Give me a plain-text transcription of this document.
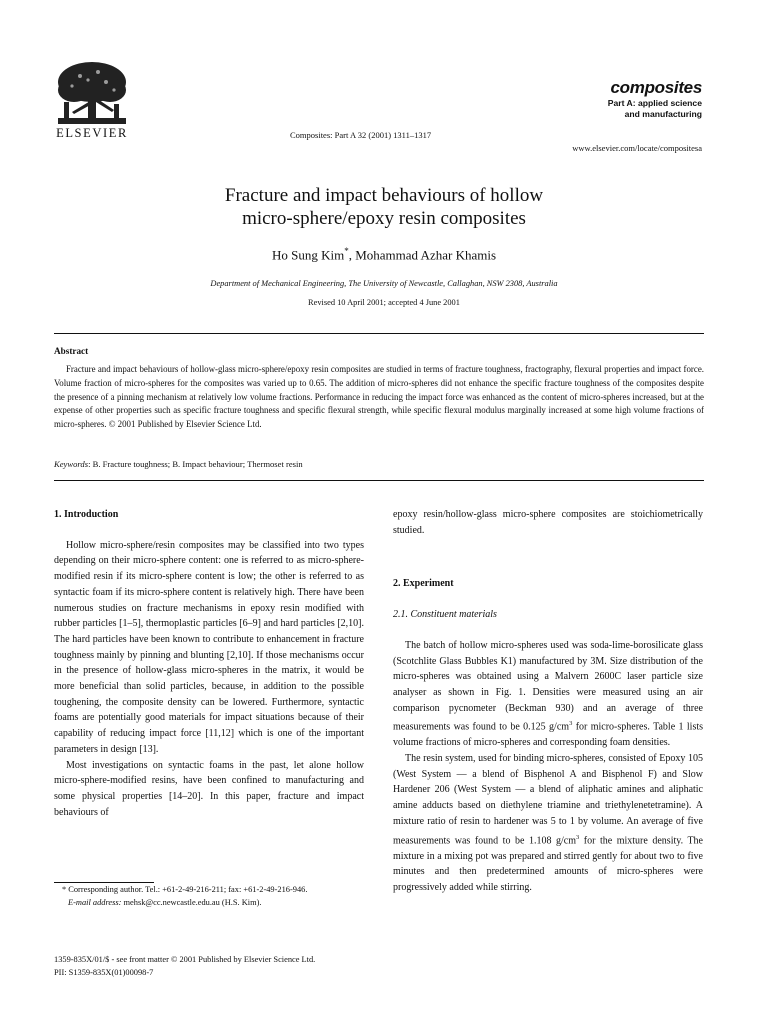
ELSEVIER	Composites: Part A 32 (2001) 1311–1317
composites
Part A: applied science
and manufacturing
www.elsevier.com/locate/compositesa
Fracture and impact behaviours of hollow
micro-sphere/epoxy resin composites
Ho Sung Kim*, Mohammad Azhar Khamis
Department of Mechanical Engineering, The University of Newcastle, Callaghan, NSW 2308, Australia
Revised 10 April 2001; accepted 4 June 2001
Abstract
Fracture and impact behaviours of hollow-glass micro-sphere/epoxy resin composites are studied in terms of fracture toughness, fractography, flexural properties and impact force. Volume fraction of micro-spheres for the composites was varied up to 0.65. The addition of micro-spheres did not enhance the specific fracture toughness of the composites despite the presence of a pinning mechanism at relatively low volume fractions. Performance in reducing the impact force was enhanced as the content of micro-spheres increased, but at the expense of other properties such as specific fracture toughness and specific flexural strength, while specific flexural modulus marginally increased at some high volume fractions of micro-spheres. © 2001 Published by Elsevier Science Ltd.
Keywords: B. Fracture toughness; B. Impact behaviour; Thermoset resin
1. Introduction

Hollow micro-sphere/resin composites may be classified into two types depending on their micro-sphere content: one is referred to as micro-sphere-modified resin if its micro-sphere content is low; the other is referred to as syntactic foam if its micro-sphere content is relatively high. There have been numerous studies on fracture mechanisms in epoxy resin modified with rubber particles [1–5], thermoplastic particles [6–9] and hard particles [2,10]. The hard particles have been known to contribute to enhancement in fracture toughness mainly by pinning and blunting [2,10]. If those mechanisms occur in the presence of hollow-glass micro-spheres in the matrix, it would be more beneficial than solid particles, because, in addition to the possible toughening, the composite density can be lowered. Furthermore, syntactic foams are potentially good materials for impact situations because of their capability of reducing impact force [11,12] which is one of the important parameters in design [13].

Most investigations on syntactic foams in the past, let alone hollow micro-sphere-modified resins, have been confined to manufacturing and some physical properties [14–20]. In this paper, fracture and impact behaviours of

epoxy resin/hollow-glass micro-sphere composites are stoichiometrically studied.

2. Experiment
2.1. Constituent materials

The batch of hollow micro-spheres used was soda-lime-borosilicate glass (Scotchlite Glass Bubbles K1) manufactured by 3M. Size distribution of the micro-spheres was obtained using a Malvern 2600C laser particle size analyser as shown in Fig. 1. Densities were measured using an air comparison pycnometer (Beckman 930) and an average of three measurements was found to be 0.125 $g/cm^3$ for micro-spheres. Table 1 lists volume fractions of micro-spheres and corresponding foam densities.

The resin system, used for binding micro-spheres, consisted of Epoxy 105 (West System — a blend of Bisphenol A and Bisphenol F) and Slow Hardener 206 (West System — a blend of aliphatic amines and aliphatic amine adducts based on diethylene triamine and triethylenetetramine). A mixture ratio of resin to hardener was 5 to 1 by volume. An average of five measurements was found to be 1.108 $g/cm^3$ for the mixture density. The mixture in a mixing pot was prepared and stirred gently for about two to five minutes and then predetermined amounts of micro-spheres were progressively added while stirring.

* Corresponding author. Tel.: +61-2-49-216-211; fax: +61-2-49-216-946.
E-mail address: mehsk@cc.newcastle.edu.au (H.S. Kim).
1359-835X/01/$ - see front matter © 2001 Published by Elsevier Science Ltd.
PII: S1359-835X(01)00098-7
